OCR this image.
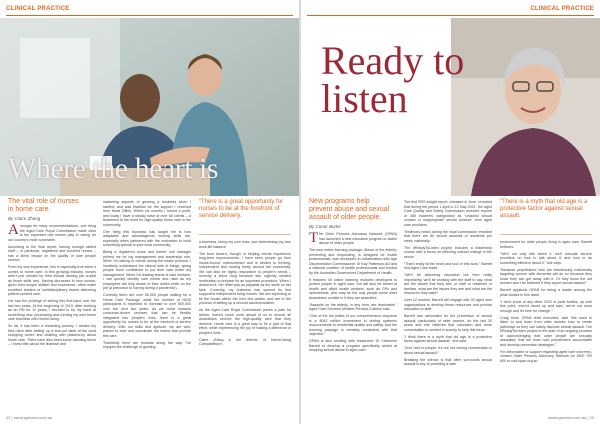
CLINICAL PRACTICE
Where the heart is
The vital role of nurses
in home care.
By Claire Zhang

Amongst its many recommendations, one thing the Aged Care Royal Commission made clear is the important role nurses play in caring for our country's most vulnerable.

According to the final report, having enough skilled staff – in particular, registered and enrolled nurses – has a direct impact on the quality of care people receive.

From my own experience, this is especially true when it comes to home care. In this growing industry, nurses aren't just needed for their clinical training (as crucial as those skills are). Having discussed in how nurses, given their unique skillset and experience, often make excellent leaders of multidisciplinary teams delivering patient-centred care.

I've had the privilege of seeing this first-hand over the last two years. At the beginning of 2019, after working as an RN for 12 years, I decided to try my hand at something new: purchasing and running my own home care business with HomeCaring.

So far, it has been a rewarding journey. I landed my first client after setting up a kick-out table at the local shopping centre and chatting with passers-by about home care. There have also been some daunting times – I knew little about the financial and

marketing aspects of growing a business when I started, and was thankful for the support I received from Head Office. Within six months I turned a profit, and today I have a steady base of over 60 clients – a testament to the need for high-quality home care in the community.

One thing this business has taught me is how adaptable and advantageous nursing skills are, especially when partnered with the motivation to build something special in your local community.

Being a registered nurse and former unit manager primed me for my management and leadership role. When I'm talking to clients during the intake process, I intuitively understand the clinical side of things, giving people more confidence to put their care under my management. When I'm leading teams of care workers, I can quickly identify care needs and risks as my employees are fully aware of their duties while on the job (a precursor to having during a pandemic!).

Currently there are over 55,000 people waiting for a Home Care Package, while the number of NDIS participants is expected to increase to over 500,000 over the next two years. As we move towards consumer-driven services that can be flexibly integrated into people's lives, there is a great opportunity for nurses to be at the forefront of service delivery. With our skills and aptitude, we are well-placed to lead and coordinate the teams that provide this care.

Thankfully there are rewards along the way. I've enjoyed the challenge of growing

“There is a great opportunity for nurses to be at the forefront of service delivery.

a business, being my own boss, and determining my own work-life balance.

The best reward, though, is helping clients experience long-term improvements. I have seen people go from house-bound, malnourished and in decline to thriving, independent and moving freely around the community. We can also be highly responsive to people's needs – recently a client rang because she urgently needed medication to prepare for an important procedure. When I delivered it, her relief was as palpable as the smile on her face. Currently, my business has opened its first supported independent living homes. We are expecting to fill the house within the next few weeks, and are in the process of setting up a second accommodation.

As the Aged Care Royal Commission paves a path for reform, there's much work ahead of us to ensure all Australians receive the high-quality care that they deserve. Home care is a great way to be a part of that effort, while experiencing the joy of making a difference in people's lives.

Claire Zhang is the director of HomeCaring Campbelltown.

22 | nursingreview.com.au
CLINICAL PRACTICE
Ready to
listen
New programs help
prevent abuse and sexual
assault of older people.
By Conor Burke

The Older Persons Advocacy Network (OPAN) has launched a new education program to tackle abuse of older people.

The new online learning package, Abuse of the elderly: preventing and responding, is designed for health professionals, was developed in collaboration with Age Discrimination Commissioner Dr Kay Patterson AO and a national coalition of health professionals and funded by the Australian Government Department of Health.

It features 40 online learning modules developed to protect people in aged care, but will also be aimed at health and allied health workers, such as GPs and optometrists, who may be the only people some older Australians confide in if they are assaulted.

“Assaults on the elderly, in any form, are deplorable,” Aged Care Services Minister Richard Colbeck said.

“One of the the pillars of our comprehensive response is a $942 million investment in driving systemic improvements to residential quality and safety, and the learning package is certainly consistent with that objective.”

OPAN is also working with researcher Dr Catherine Barrett to develop a program specifically aimed at stopping sexual abuse in aged care.

The first SRS insight report, released in June, revealed that during the period 1 April to 12 May 2021, the Aged Care Quality and Safety Commission received reports of 389 incidents categorised as “unlawful sexual contact or inappropriate sexual conduct” from aged care providers.

Testimony heard during the royal commission revealed that there are 50 sexual assaults of residents per week, nationally.

The #ReadyToListen project includes a leadership course with a focus on effecting cultural change in the sector.

“That's really at the heart and soul of this work,” Barrett told Aged Care Insite.

“We'll be delivering education but then really importantly, we'll be working with the staff to say, what are the issues that they see, or staff or residents or families, what are the issues they see and what are the resources they want?

Over 12 months, Barrett will engage with 30 aged care organisations to develop these resources and provide education to staff.

Barrett has advocated for the prevention of sexual assault, particularly of older women, for the last 20 years and she believes that education and more conversation is needed in society to help this issue.

“I think there is a myth that old age is a protective factor against sexual assault,” she said.

“And I see to people, it's not, but having conversation is about sexual assault.”

Breaking the silence is that often surrounds sexual assault is key to providing a safe

“There is a myth that old age is a protective factor against sexual assault.

environment for older people living in aged care, Barrett believes.

“We'll not only talk about it, we'll educate service providers on how to talk about it, and how to do something effective about it,” she says.

“Because perpetrators who are intentionally maliciously targeting women with dementia will do so because they know they can get away with it. Or they know the old women won't be believed if they report sexual assault.”

Barrett applauds OPAN for being a leader among the peak bodies in this issue.

“I don't know of any other CEO of peak bodies, up until this point, who've stood up and said, 'we've not done enough and it's time for change',”

Craig Gear, OPAN chief executive, said “We need to listen to and learn from older women how to create pathways so they can safely disclose sexual assault. The #ReadyToListen project is the start of an ongoing process of acknowledging that older people are sexually assaulted, that we must hold perpetrators accountable and develop prevention strategies.”

For information or support regarding aged care concerns, contact Older Persons Advocacy Network on 1800 700 600 or visit opan.org.au

nursingreview.com.au | 23
